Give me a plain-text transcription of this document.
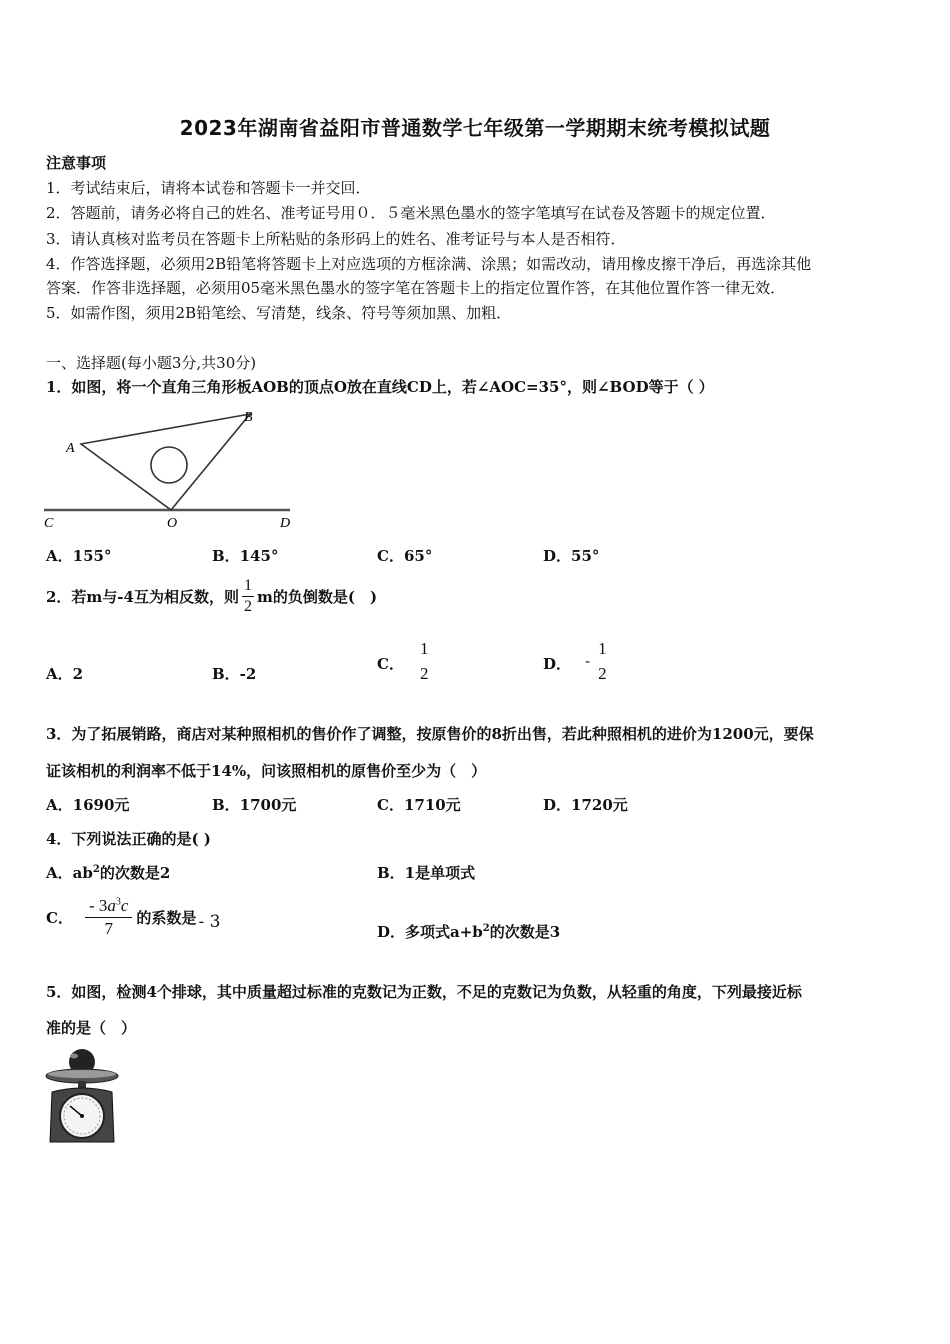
2023年湖南省益阳市普通数学七年级第一学期期末统考模拟试题
注意事项
1．考试结束后，请将本试卷和答题卡一并交回．
2．答题前，请务必将自己的姓名、准考证号用０．５毫米黑色墨水的签字笔填写在试卷及答题卡的规定位置．
3．请认真核对监考员在答题卡上所粘贴的条形码上的姓名、准考证号与本人是否相符．
4．作答选择题，必须用2B铅笔将答题卡上对应选项的方框涂满、涂黑；如需改动，请用橡皮擦干净后，再选涂其他
答案．作答非选择题，必须用05毫米黑色墨水的签字笔在答题卡上的指定位置作答，在其他位置作答一律无效．
5．如需作图，须用2B铅笔绘、写清楚，线条、符号等须加黑、加粗．
一、选择题(每小题3分,共30分)
1．如图，将一个直角三角形板AOB的顶点O放在直线CD上，若∠AOC=35°，则∠BOD等于（ ）
A
B
C	O	D
A．155°	B．145°	C．65°	D．55°
2．若m与-4互为相反数，则 $\frac{1}{2}$ m的负倒数是(　)
A．2	B．-2
C．
1
2	D． -
1
2
3．为了拓展销路，商店对某种照相机的售价作了调整，按原售价的8折出售，若此种照相机的进价为1200元，要保
证该相机的利润率不低于14%，问该照相机的原售价至少为（　）
A．1690元	B．1700元	C．1710元	D．1720元
4．下列说法正确的是( )
A．$ab^2$的次数是2	B．1是单项式
C． $\frac{- 3a^3c}{7}$ 的系数是 - 3	D．多项式$a+b^2$的次数是3
5．如图，检测4个排球，其中质量超过标准的克数记为正数，不足的克数记为负数，从轻重的角度，下列最接近标
准的是（　）
